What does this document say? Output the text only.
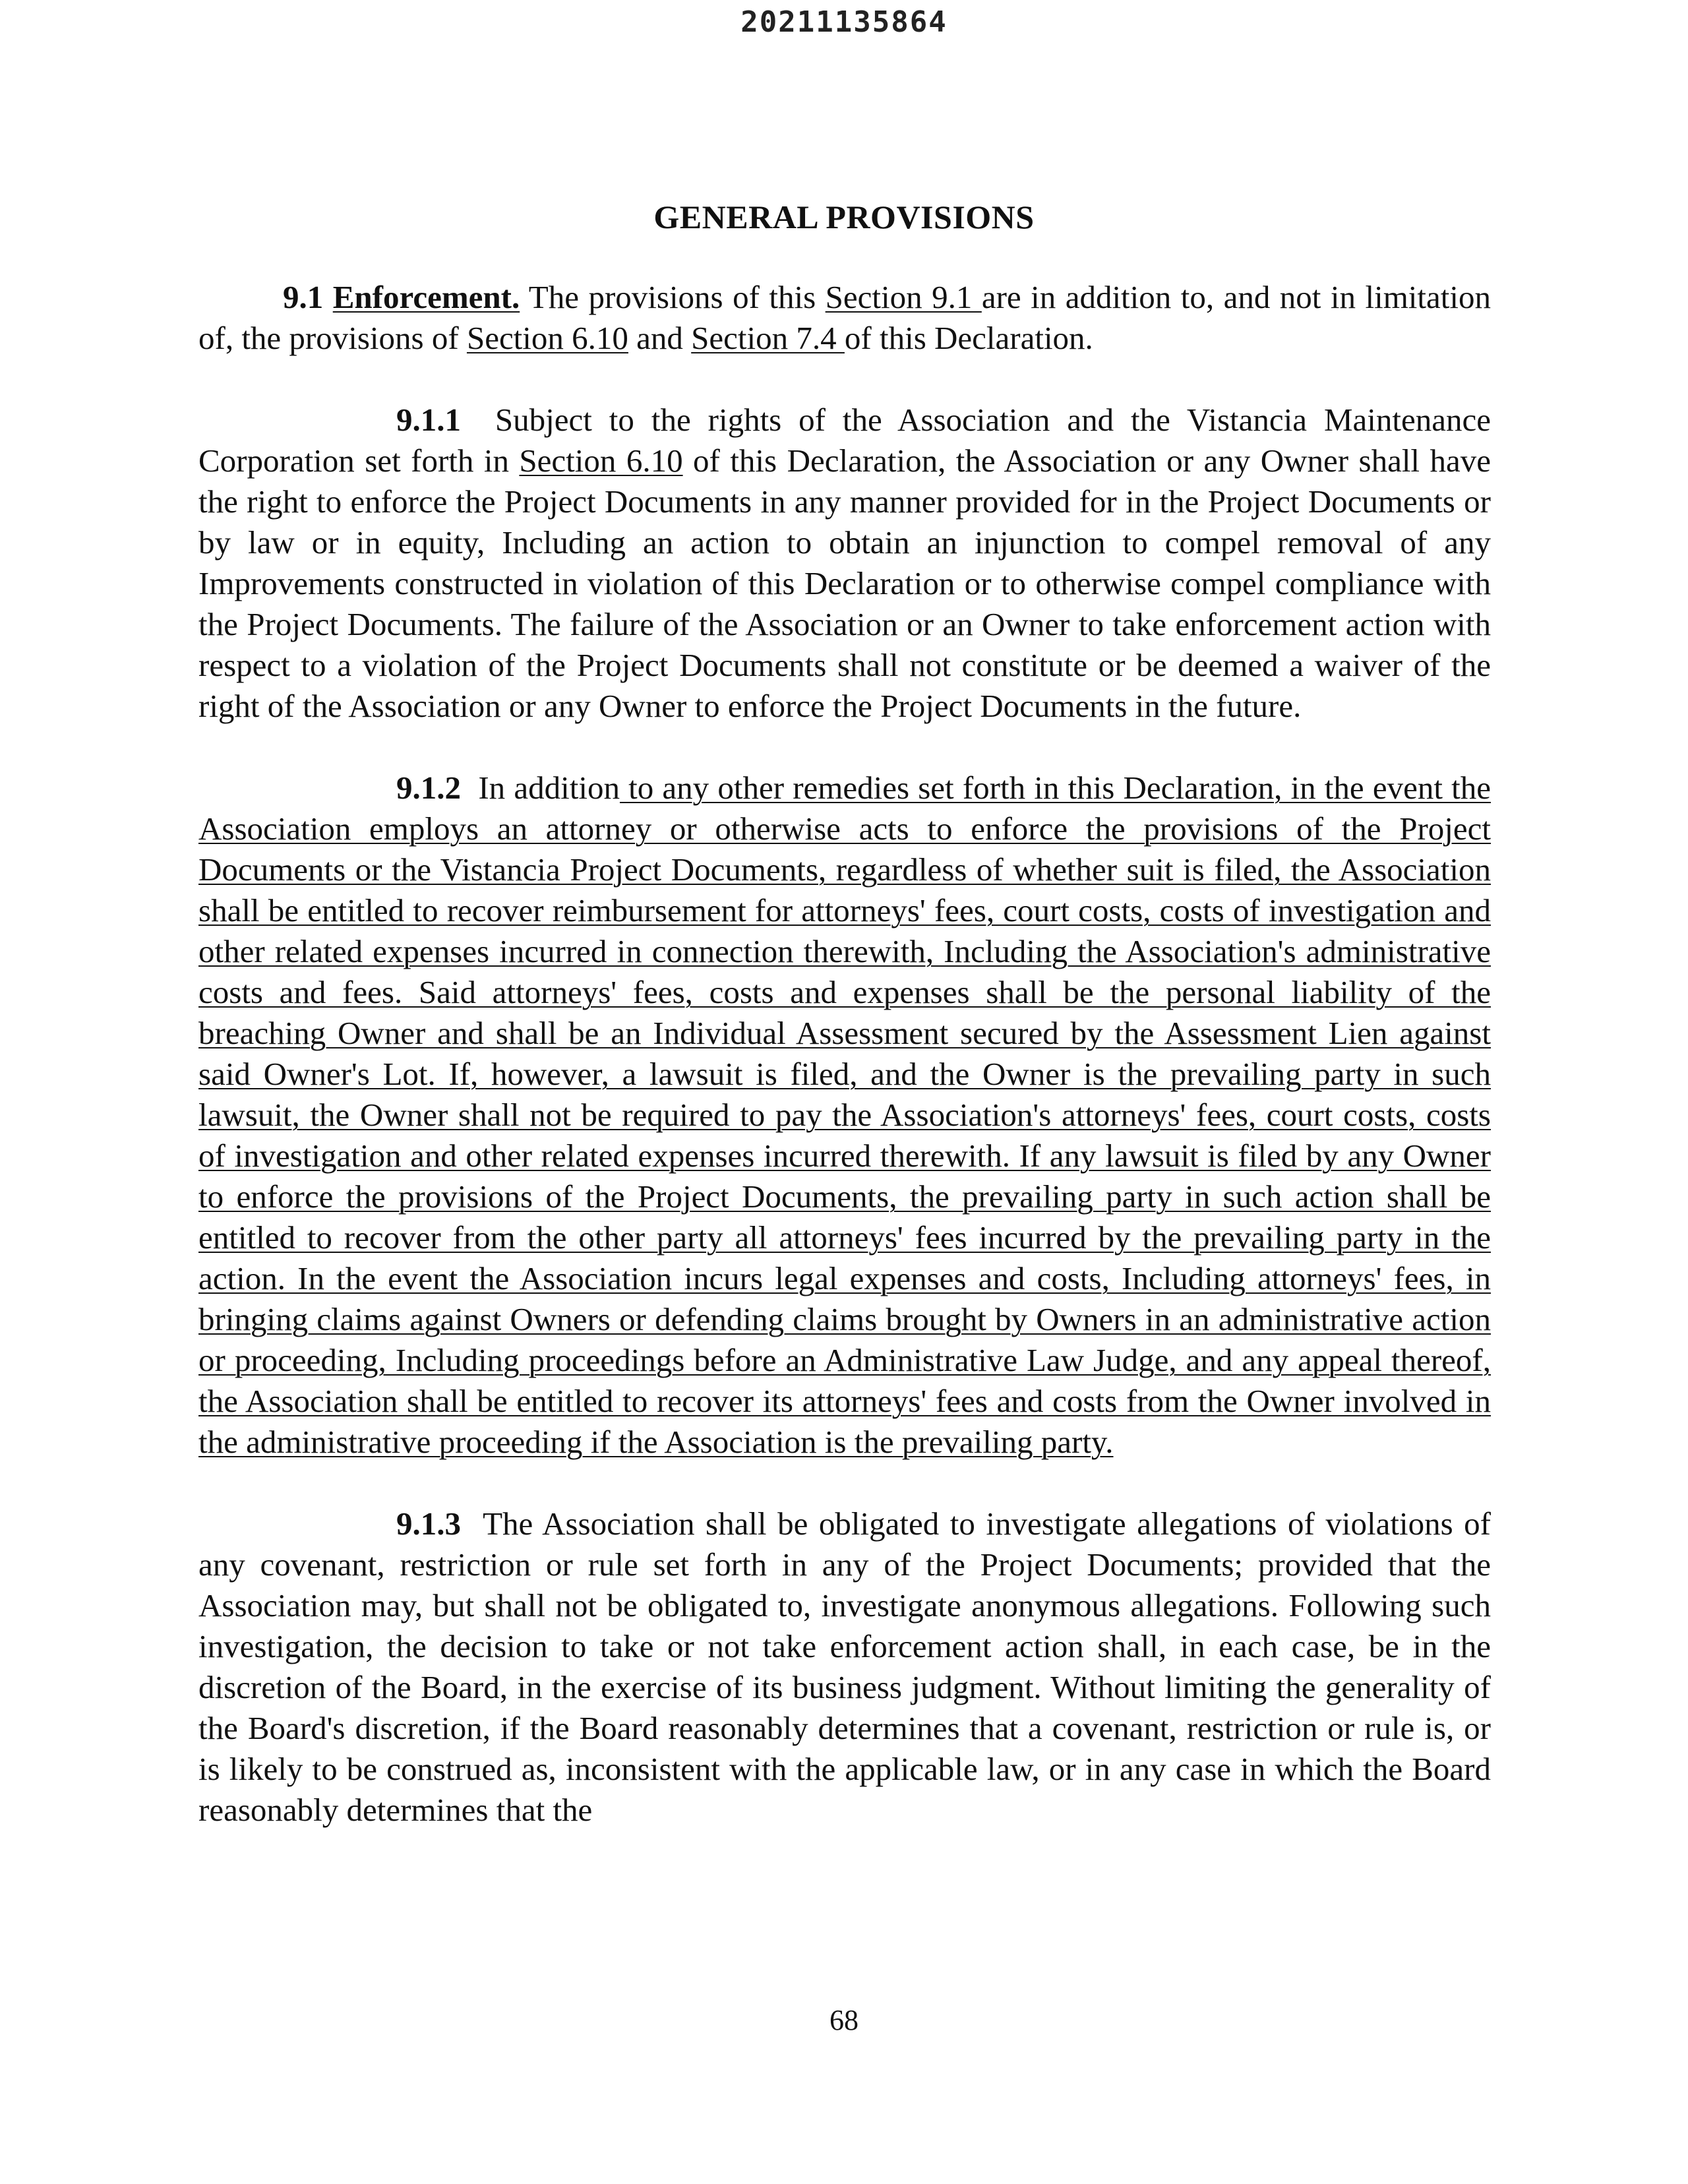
20211135864
GENERAL PROVISIONS

9.1 Enforcement. The provisions of this Section 9.1 are in addition to, and not in limitation of, the provisions of Section 6.10 and Section 7.4 of this Declaration.

9.1.1 Subject to the rights of the Association and the Vistancia Maintenance Corporation set forth in Section 6.10 of this Declaration, the Association or any Owner shall have the right to enforce the Project Documents in any manner provided for in the Project Documents or by law or in equity, Including an action to obtain an injunction to compel removal of any Improvements constructed in violation of this Declaration or to otherwise compel compliance with the Project Documents. The failure of the Association or an Owner to take enforcement action with respect to a violation of the Project Documents shall not constitute or be deemed a waiver of the right of the Association or any Owner to enforce the Project Documents in the future.

9.1.2 In addition to any other remedies set forth in this Declaration, in the event the Association employs an attorney or otherwise acts to enforce the provisions of the Project Documents or the Vistancia Project Documents, regardless of whether suit is filed, the Association shall be entitled to recover reimbursement for attorneys' fees, court costs, costs of investigation and other related expenses incurred in connection therewith, Including the Association's administrative costs and fees. Said attorneys' fees, costs and expenses shall be the personal liability of the breaching Owner and shall be an Individual Assessment secured by the Assessment Lien against said Owner's Lot. If, however, a lawsuit is filed, and the Owner is the prevailing party in such lawsuit, the Owner shall not be required to pay the Association's attorneys' fees, court costs, costs of investigation and other related expenses incurred therewith. If any lawsuit is filed by any Owner to enforce the provisions of the Project Documents, the prevailing party in such action shall be entitled to recover from the other party all attorneys' fees incurred by the prevailing party in the action. In the event the Association incurs legal expenses and costs, Including attorneys' fees, in bringing claims against Owners or defending claims brought by Owners in an administrative action or proceeding, Including proceedings before an Administrative Law Judge, and any appeal thereof, the Association shall be entitled to recover its attorneys' fees and costs from the Owner involved in the administrative proceeding if the Association is the prevailing party.

9.1.3 The Association shall be obligated to investigate allegations of violations of any covenant, restriction or rule set forth in any of the Project Documents; provided that the Association may, but shall not be obligated to, investigate anonymous allegations. Following such investigation, the decision to take or not take enforcement action shall, in each case, be in the discretion of the Board, in the exercise of its business judgment. Without limiting the generality of the Board's discretion, if the Board reasonably determines that a covenant, restriction or rule is, or is likely to be construed as, inconsistent with the applicable law, or in any case in which the Board reasonably determines that the

68
